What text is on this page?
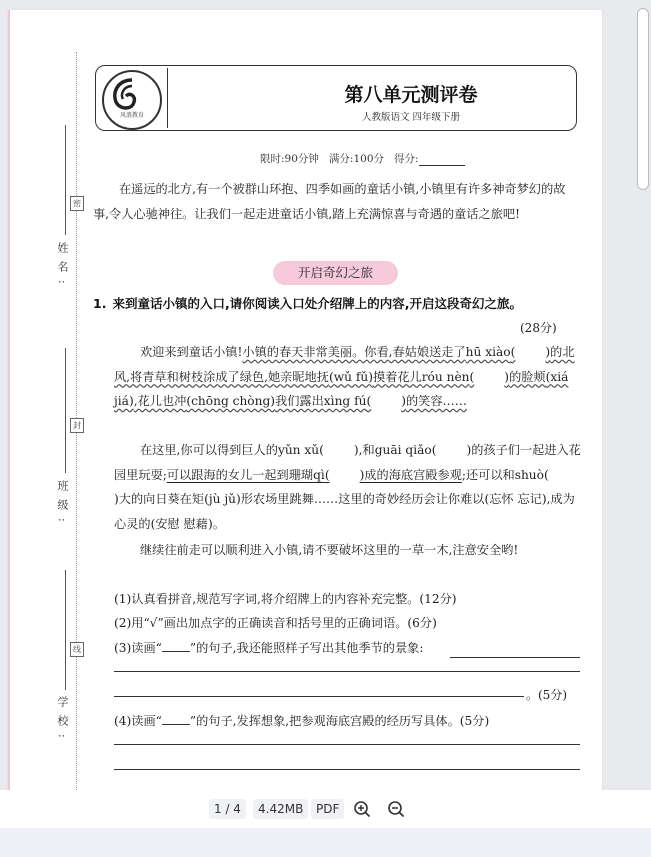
姓名:
密
班级:
封
学校:
线
风浪教育
第八单元测评卷
人教版语文 四年级下册
限时:90分钟 满分:100分 得分:
在遥远的北方,有一个被群山环抱、四季如画的童话小镇,小镇里有许多神奇梦幻的故事,令人心驰神往。让我们一起走进童话小镇,踏上充满惊喜与奇遇的童话之旅吧!
开启奇幻之旅
1. 来到童话小镇的入口,请你阅读入口处介绍牌上的内容,开启这段奇幻之旅。
(28分)
欢迎来到童话小镇!小镇的春天非常美丽。你看,春姑娘送走了hū xiào( )的北风,将青草和树枝涂成了绿色,她亲昵地抚(wǔ fǔ)摸着花儿róu nèn( )的脸颊(xiá jiá),花儿也冲(chōng chòng)我们露出xìng fú( )的笑容……
在这里,你可以得到巨人的yǔn xǔ( ),和guāi qiǎo( )的孩子们一起进入花园里玩耍;可以跟海的女儿一起到珊瑚qì( )成的海底宫殿参观;还可以和shuò()大的向日葵在矩(jù jǔ)形农场里跳舞……这里的奇妙经历会让你难以(忘怀 忘记),成为心灵的(安慰 慰藉)。
继续往前走可以顺利进入小镇,请不要破坏这里的一草一木,注意安全哟!
(1)认真看拼音,规范写字词,将介绍牌上的内容补充完整。(12分)
(2)用“√”画出加点字的正确读音和括号里的正确词语。(6分)
(3)读画“ ”的句子,我还能照样子写出其他季节的景象:
。(5分)
(4)读画“ ”的句子,发挥想象,把参观海底宫殿的经历写具体。(5分)
1 / 4	4.42MB	PDF
